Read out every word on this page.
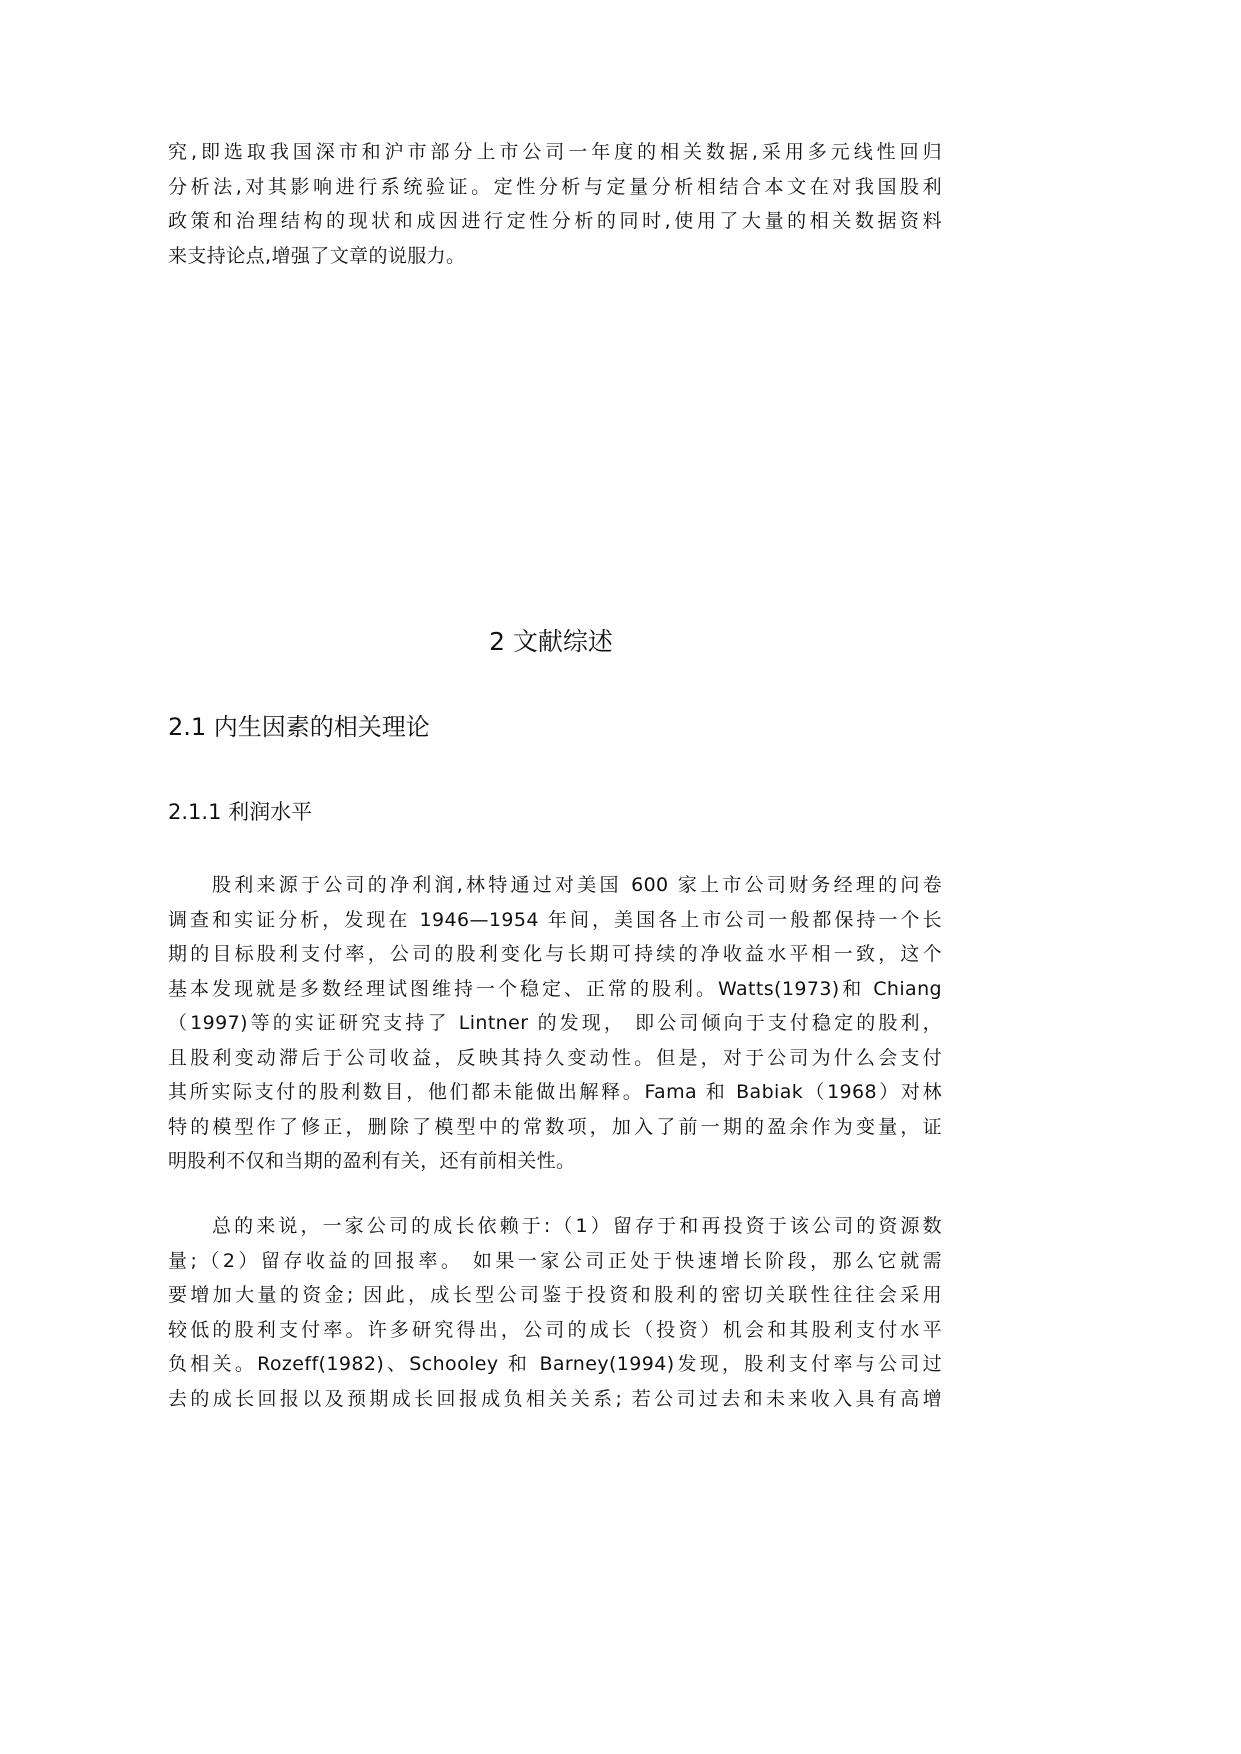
究,即选取我国深市和沪市部分上市公司一年度的相关数据,采用多元线性回归
分析法,对其影响进行系统验证。定性分析与定量分析相结合本文在对我国股利
政策和治理结构的现状和成因进行定性分析的同时,使用了大量的相关数据资料
来支持论点,增强了文章的说服力。

2 文献综述
2.1 内生因素的相关理论
2.1.1 利润水平

股利来源于公司的净利润,林特通过对美国 600 家上市公司财务经理的问卷
调查和实证分析，发现在 1946—1954 年间，美国各上市公司一般都保持一个长
期的目标股利支付率，公司的股利变化与长期可持续的净收益水平相一致，这个
基本发现就是多数经理试图维持一个稳定、正常的股利。Watts(1973)和 Chiang
（1997)等的实证研究支持了 Lintner 的发现， 即公司倾向于支付稳定的股利，
且股利变动滞后于公司收益，反映其持久变动性。但是，对于公司为什么会支付
其所实际支付的股利数目，他们都未能做出解释。Fama 和 Babiak（1968）对林
特的模型作了修正，删除了模型中的常数项，加入了前一期的盈余作为变量，证
明股利不仅和当期的盈利有关，还有前相关性。

总的来说，一家公司的成长依赖于:（1）留存于和再投资于该公司的资源数
量;（2）留存收益的回报率。 如果一家公司正处于快速增长阶段，那么它就需
要增加大量的资金; 因此，成长型公司鉴于投资和股利的密切关联性往往会采用
较低的股利支付率。许多研究得出，公司的成长（投资）机会和其股利支付水平
负相关。Rozeff(1982)、Schooley 和 Barney(1994)发现，股利支付率与公司过
去的成长回报以及预期成长回报成负相关关系; 若公司过去和未来收入具有高增
